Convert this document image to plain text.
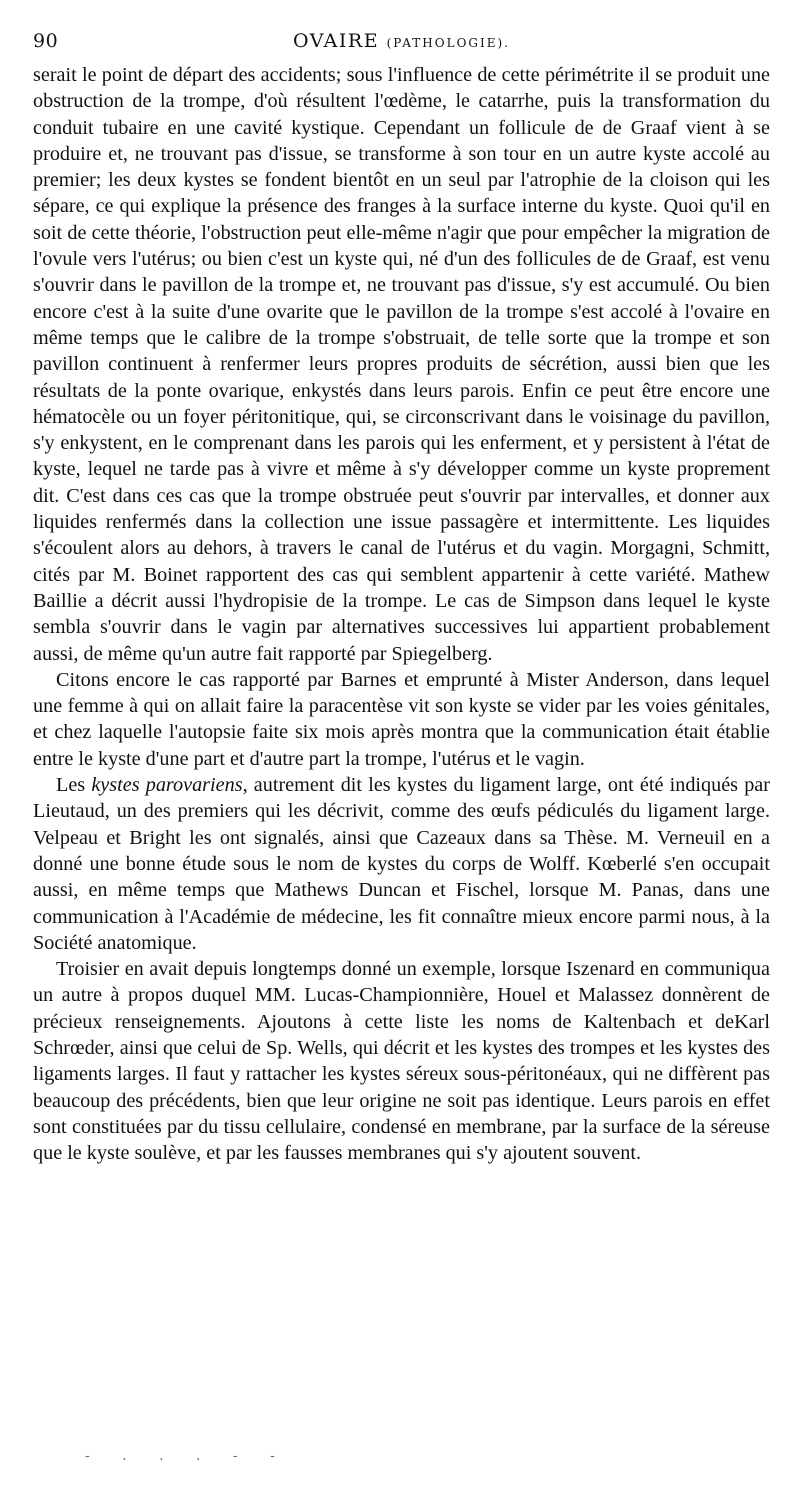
90	OVAIRE (PATHOLOGIE).

serait le point de départ des accidents; sous l'influence de cette périmétrite il se produit une obstruction de la trompe, d'où résultent l'œdème, le catarrhe, puis la transformation du conduit tubaire en une cavité kystique. Cependant un follicule de de Graaf vient à se produire et, ne trouvant pas d'issue, se transforme à son tour en un autre kyste accolé au premier; les deux kystes se fondent bientôt en un seul par l'atrophie de la cloison qui les sépare, ce qui explique la présence des franges à la surface interne du kyste. Quoi qu'il en soit de cette théorie, l'obstruction peut elle-même n'agir que pour empêcher la migration de l'ovule vers l'utérus; ou bien c'est un kyste qui, né d'un des follicules de de Graaf, est venu s'ouvrir dans le pavillon de la trompe et, ne trouvant pas d'issue, s'y est accumulé. Ou bien encore c'est à la suite d'une ovarite que le pavillon de la trompe s'est accolé à l'ovaire en même temps que le calibre de la trompe s'obstruait, de telle sorte que la trompe et son pavillon continuent à renfermer leurs propres produits de sécrétion, aussi bien que les résultats de la ponte ovarique, enkystés dans leurs parois. Enfin ce peut être encore une hématocèle ou un foyer péritonitique, qui, se circonscrivant dans le voisinage du pavillon, s'y enkystent, en le comprenant dans les parois qui les enferment, et y persistent à l'état de kyste, lequel ne tarde pas à vivre et même à s'y développer comme un kyste proprement dit. C'est dans ces cas que la trompe obstruée peut s'ouvrir par intervalles, et donner aux liquides renfermés dans la collection une issue passagère et intermittente. Les liquides s'écoulent alors au dehors, à travers le canal de l'utérus et du vagin. Morgagni, Schmitt, cités par M. Boinet rapportent des cas qui semblent appartenir à cette variété. Mathew Baillie a décrit aussi l'hydropisie de la trompe. Le cas de Simpson dans lequel le kyste sembla s'ouvrir dans le vagin par alternatives successives lui appartient probablement aussi, de même qu'un autre fait rapporté par Spiegelberg.

Citons encore le cas rapporté par Barnes et emprunté à Mister Anderson, dans lequel une femme à qui on allait faire la paracentèse vit son kyste se vider par les voies génitales, et chez laquelle l'autopsie faite six mois après montra que la communication était établie entre le kyste d'une part et d'autre part la trompe, l'utérus et le vagin.

Les kystes parovariens, autrement dit les kystes du ligament large, ont été indiqués par Lieutaud, un des premiers qui les décrivit, comme des œufs pédiculés du ligament large. Velpeau et Bright les ont signalés, ainsi que Cazeaux dans sa Thèse. M. Verneuil en a donné une bonne étude sous le nom de kystes du corps de Wolff. Kœberlé s'en occupait aussi, en même temps que Mathews Duncan et Fischel, lorsque M. Panas, dans une communication à l'Académie de médecine, les fit connaître mieux encore parmi nous, à la Société anatomique.

Troisier en avait depuis longtemps donné un exemple, lorsque Iszenard en communiqua un autre à propos duquel MM. Lucas-Championnière, Houel et Malassez donnèrent de précieux renseignements. Ajoutons à cette liste les noms de Kaltenbach et deKarl Schrœder, ainsi que celui de Sp. Wells, qui décrit et les kystes des trompes et les kystes des ligaments larges. Il faut y rattacher les kystes séreux sous-péritonéaux, qui ne diffèrent pas beaucoup des précédents, bien que leur origine ne soit pas identique. Leurs parois en effet sont constituées par du tissu cellulaire, condensé en membrane, par la surface de la séreuse que le kyste soulève, et par les fausses membranes qui s'y ajoutent souvent.

- . . . - -
